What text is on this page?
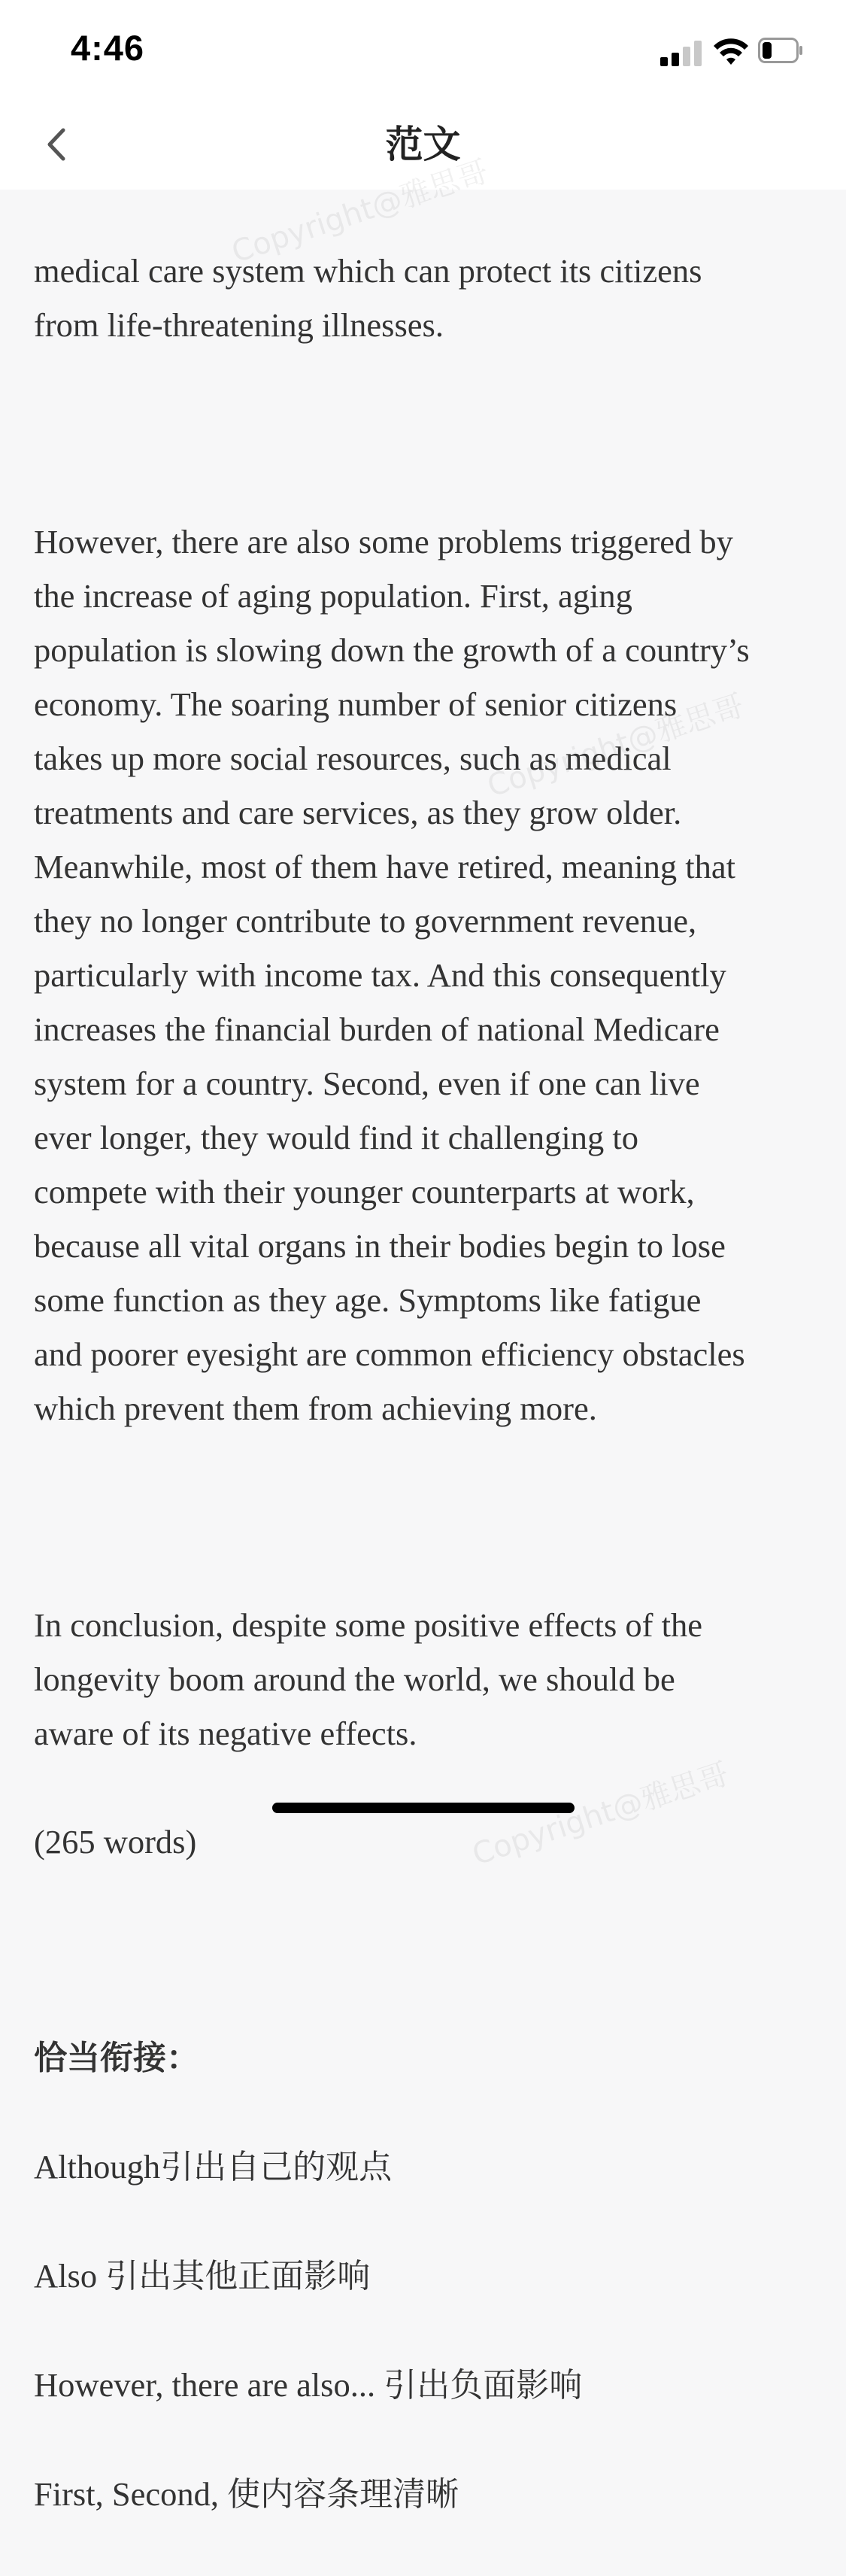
4:46
范文
Copyright@雅思哥
Copyright@雅思哥
Copyright@雅思哥

medical care system which can protect its citizens
from life-threatening illnesses.

However, there are also some problems triggered by
the increase of aging population. First, aging
population is slowing down the growth of a country’s
economy. The soaring number of senior citizens
takes up more social resources, such as medical
treatments and care services, as they grow older.
Meanwhile, most of them have retired, meaning that
they no longer contribute to government revenue,
particularly with income tax. And this consequently
increases the financial burden of national Medicare
system for a country. Second, even if one can live
ever longer, they would find it challenging to
compete with their younger counterparts at work,
because all vital organs in their bodies begin to lose
some function as they age. Symptoms like fatigue
and poorer eyesight are common efficiency obstacles
which prevent them from achieving more.

In conclusion, despite some positive effects of the
longevity boom around the world, we should be
aware of its negative effects.

(265 words)

恰当衔接：

Although引出自己的观点

Also 引出其他正面影响

However, there are also... 引出负面影响

First, Second, 使内容条理清晰
